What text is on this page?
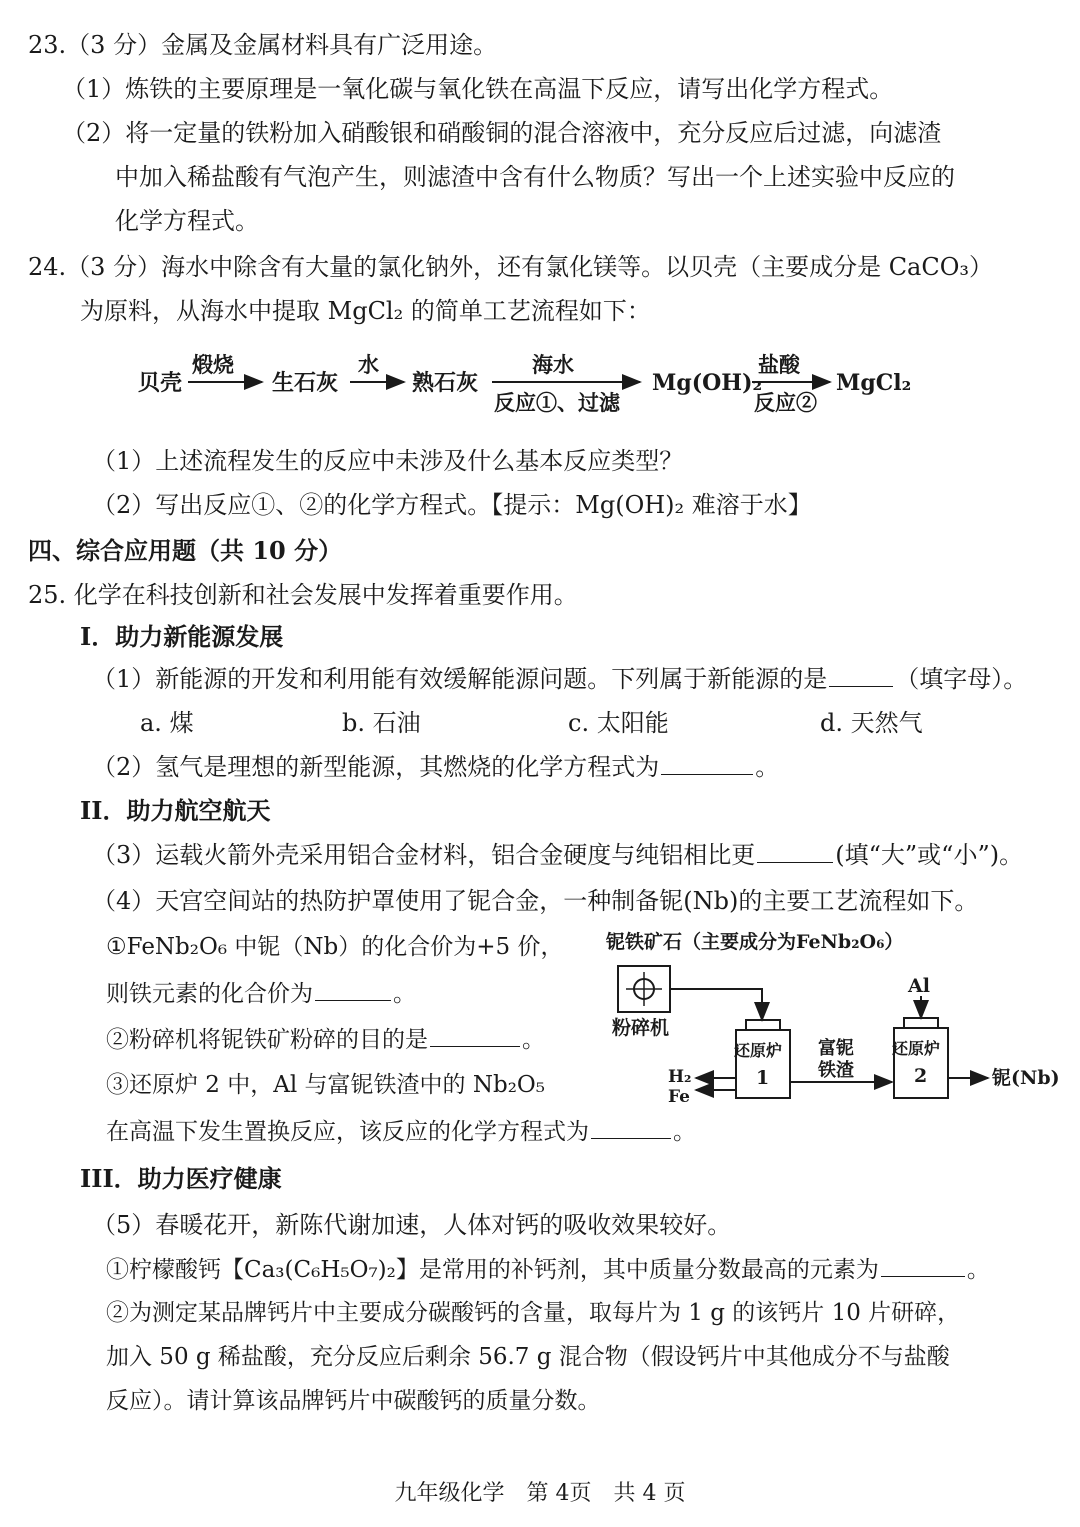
23.（3 分）金属及金属材料具有广泛用途。
（1）炼铁的主要原理是一氧化碳与氧化铁在高温下反应，请写出化学方程式。
（2）将一定量的铁粉加入硝酸银和硝酸铜的混合溶液中，充分反应后过滤，向滤渣
中加入稀盐酸有气泡产生，则滤渣中含有什么物质？写出一个上述实验中反应的
化学方程式。
24.（3 分）海水中除含有大量的氯化钠外，还有氯化镁等。以贝壳（主要成分是 CaCO₃）
为原料，从海水中提取 MgCl₂ 的简单工艺流程如下：
贝壳
煅烧
生石灰
水
熟石灰
海水
反应①、过滤
Mg(OH)₂
盐酸
反应②
MgCl₂
（1）上述流程发生的反应中未涉及什么基本反应类型？
（2）写出反应①、②的化学方程式。【提示：Mg(OH)₂ 难溶于水】
四、综合应用题（共 10 分）
25. 化学在科技创新和社会发展中发挥着重要作用。
I．助力新能源发展
（1）新能源的开发和利用能有效缓解能源问题。下列属于新能源的是	（填字母）。
a. 煤	b. 石油	c. 太阳能	d. 天然气
（2）氢气是理想的新型能源，其燃烧的化学方程式为	。
II．助力航空航天
（3）运载火箭外壳采用铝合金材料，铝合金硬度与纯铝相比更	(填“大”或“小”)。
（4）天宫空间站的热防护罩使用了铌合金，一种制备铌(Nb)的主要工艺流程如下。
①FeNb₂O₆ 中铌（Nb）的化合价为+5 价，
则铁元素的化合价为	。
②粉碎机将铌铁矿粉碎的目的是	。
③还原炉 2 中，Al 与富铌铁渣中的 Nb₂O₅
在高温下发生置换反应，该反应的化学方程式为	。
铌铁矿石（主要成分为FeNb₂O₆）
粉碎机
还原炉
1
H₂
Fe
富铌
铁渣
Al
还原炉
2	铌(Nb)
III．助力医疗健康
（5）春暖花开，新陈代谢加速，人体对钙的吸收效果较好。
①柠檬酸钙【Ca₃(C₆H₅O₇)₂】是常用的补钙剂，其中质量分数最高的元素为	。
②为测定某品牌钙片中主要成分碳酸钙的含量，取每片为 1 g 的该钙片 10 片研碎，
加入 50 g 稀盐酸，充分反应后剩余 56.7 g 混合物（假设钙片中其他成分不与盐酸
反应）。请计算该品牌钙片中碳酸钙的质量分数。
九年级化学　第 4页　共 4 页
